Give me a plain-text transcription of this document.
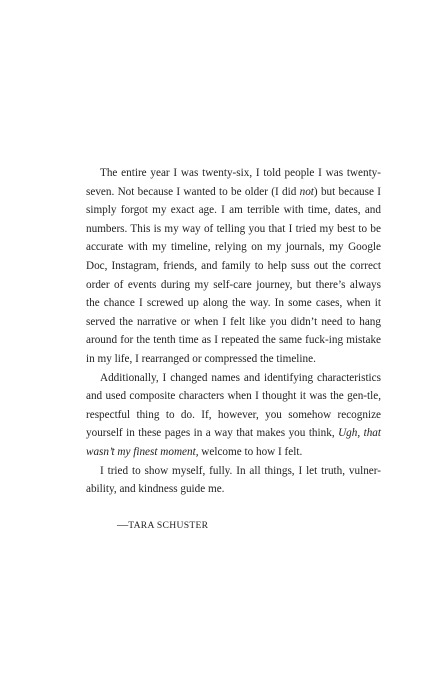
The entire year I was twenty-six, I told people I was twenty-seven. Not because I wanted to be older (I did not) but because I simply forgot my exact age. I am terrible with time, dates, and numbers. This is my way of telling you that I tried my best to be accurate with my timeline, relying on my journals, my Google Doc, Instagram, friends, and family to help suss out the correct order of events during my self-care journey, but there’s always the chance I screwed up along the way. In some cases, when it served the narrative or when I felt like you didn’t need to hang around for the tenth time as I repeated the same fuck-ing mistake in my life, I rearranged or compressed the timeline.

Additionally, I changed names and identifying characteristics and used composite characters when I thought it was the gen-tle, respectful thing to do. If, however, you somehow recognize yourself in these pages in a way that makes you think, Ugh, that wasn’t my finest moment, welcome to how I felt.

I tried to show myself, fully. In all things, I let truth, vulner-ability, and kindness guide me.

—TARA SCHUSTER
